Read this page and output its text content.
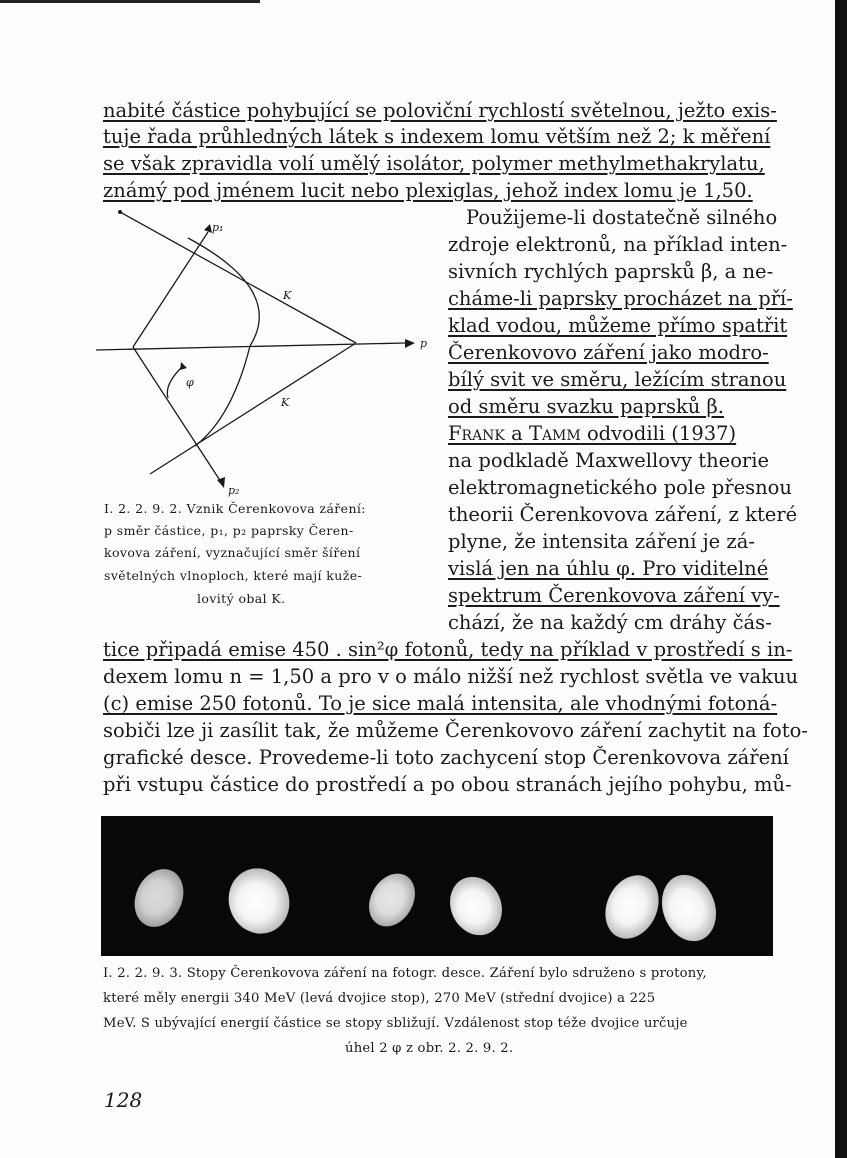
nabité částice pohybující se poloviční rychlostí světelnou, ježto exis-
tuje řada průhledných látek s indexem lomu větším než 2; k měření
se však zpravidla volí umělý isolátor, polymer methylmethakrylatu,
známý pod jménem lucit nebo plexiglas, jehož index lomu je 1,50.
p₁
K
p
φ
K
p₂
I. 2. 2. 9. 2. Vznik Čerenkovova záření:
p směr částice, p₁, p₂ paprsky Čeren-
kovova záření, vyznačující směr šíření
světelných vlnoploch, které mají kuže-
lovitý obal K.
Použijeme-li dostatečně silného
zdroje elektronů, na příklad inten-
sivních rychlých paprsků β, a ne-
cháme-li paprsky procházet na pří-
klad vodou, můžeme přímo spatřit
Čerenkovovo záření jako modro-
bílý svit ve směru, ležícím stranou
od směru svazku paprsků β.
Frank a Tamm odvodili (1937)
na podkladě Maxwellovy theorie
elektromagnetického pole přesnou
theorii Čerenkovova záření, z které
plyne, že intensita záření je zá-
vislá jen na úhlu φ. Pro viditelné
spektrum Čerenkovova záření vy-
chází, že na každý cm dráhy čás-
tice připadá emise 450 . sin²φ fotonů, tedy na příklad v prostředí s in-
dexem lomu n = 1,50 a pro v o málo nižší než rychlost světla ve vakuu
(c) emise 250 fotonů. To je sice malá intensita, ale vhodnými fotoná-
sobiči lze ji zasílit tak, že můžeme Čerenkovovo záření zachytit na foto-
grafické desce. Provedeme-li toto zachycení stop Čerenkovova záření
při vstupu částice do prostředí a po obou stranách jejího pohybu, mů-
I. 2. 2. 9. 3. Stopy Čerenkovova záření na fotogr. desce. Záření bylo sdruženo s protony,
které měly energii 340 MeV (levá dvojice stop), 270 MeV (střední dvojice) a 225
MeV. S ubývající energií částice se stopy sbližují. Vzdálenost stop téže dvojice určuje
úhel 2 φ z obr. 2. 2. 9. 2.
128
